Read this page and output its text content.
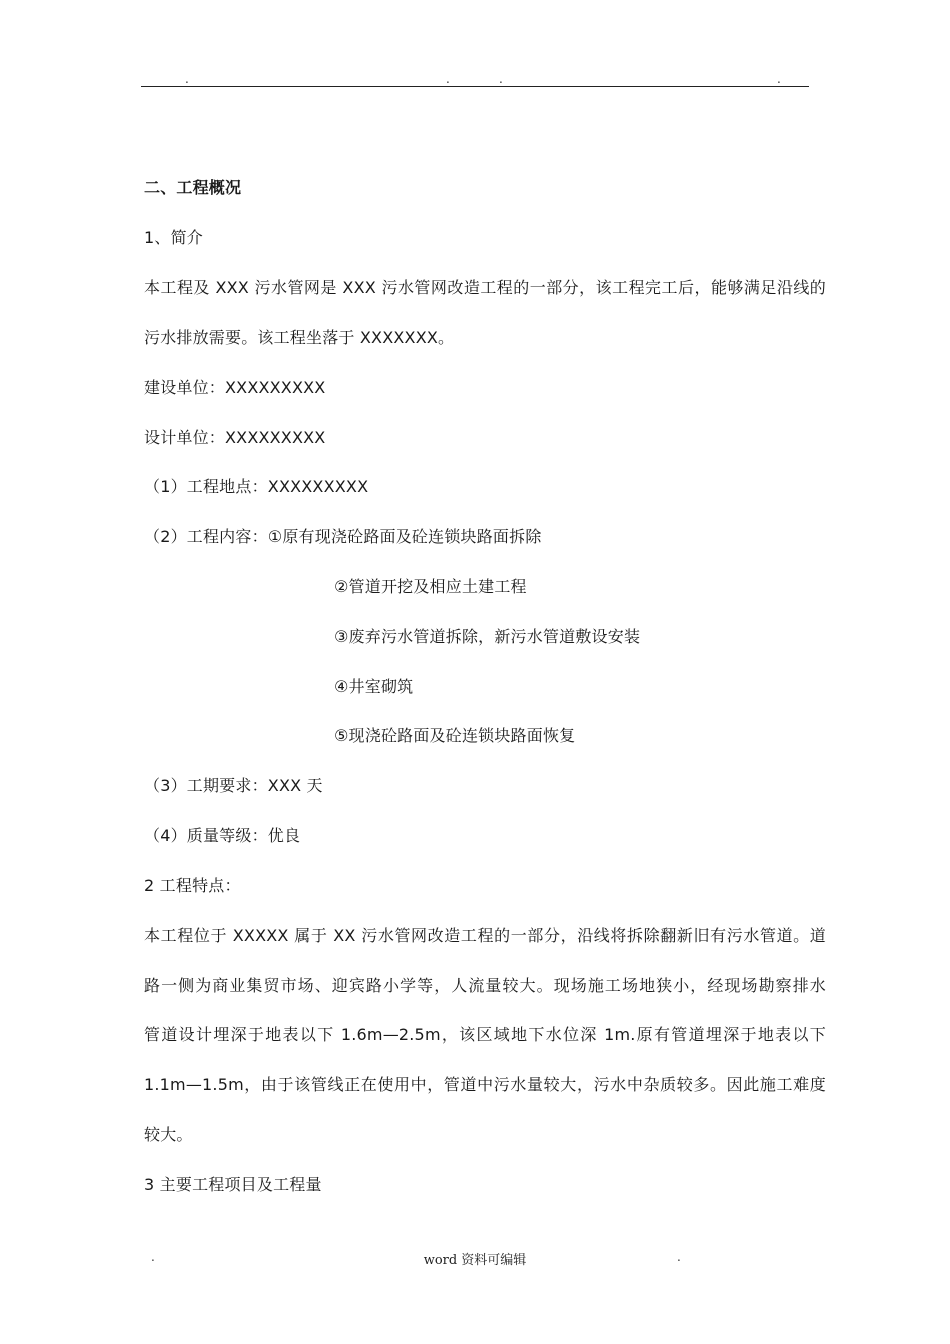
.	.	.	.
二、工程概况
1、简介
本工程及 XXX 污水管网是 XXX 污水管网改造工程的一部分，该工程完工后，能够满足沿线的
污水排放需要。该工程坐落于 XXXXXXX。
建设单位：XXXXXXXXX
设计单位：XXXXXXXXX
（1）工程地点：XXXXXXXXX
（2）工程内容：①原有现浇砼路面及砼连锁块路面拆除
②管道开挖及相应土建工程
③废弃污水管道拆除，新污水管道敷设安装
④井室砌筑
⑤现浇砼路面及砼连锁块路面恢复
（3）工期要求：XXX 天
（4）质量等级：优良
2 工程特点：
本工程位于 XXXXX 属于 XX 污水管网改造工程的一部分，沿线将拆除翻新旧有污水管道。道
路一侧为商业集贸市场、迎宾路小学等，人流量较大。现场施工场地狭小，经现场勘察排水
管道设计埋深于地表以下 1.6m—2.5m，该区域地下水位深 1m.原有管道埋深于地表以下
1.1m—1.5m，由于该管线正在使用中，管道中污水量较大，污水中杂质较多。因此施工难度
较大。
3 主要工程项目及工程量
.	word 资料可编辑	.
